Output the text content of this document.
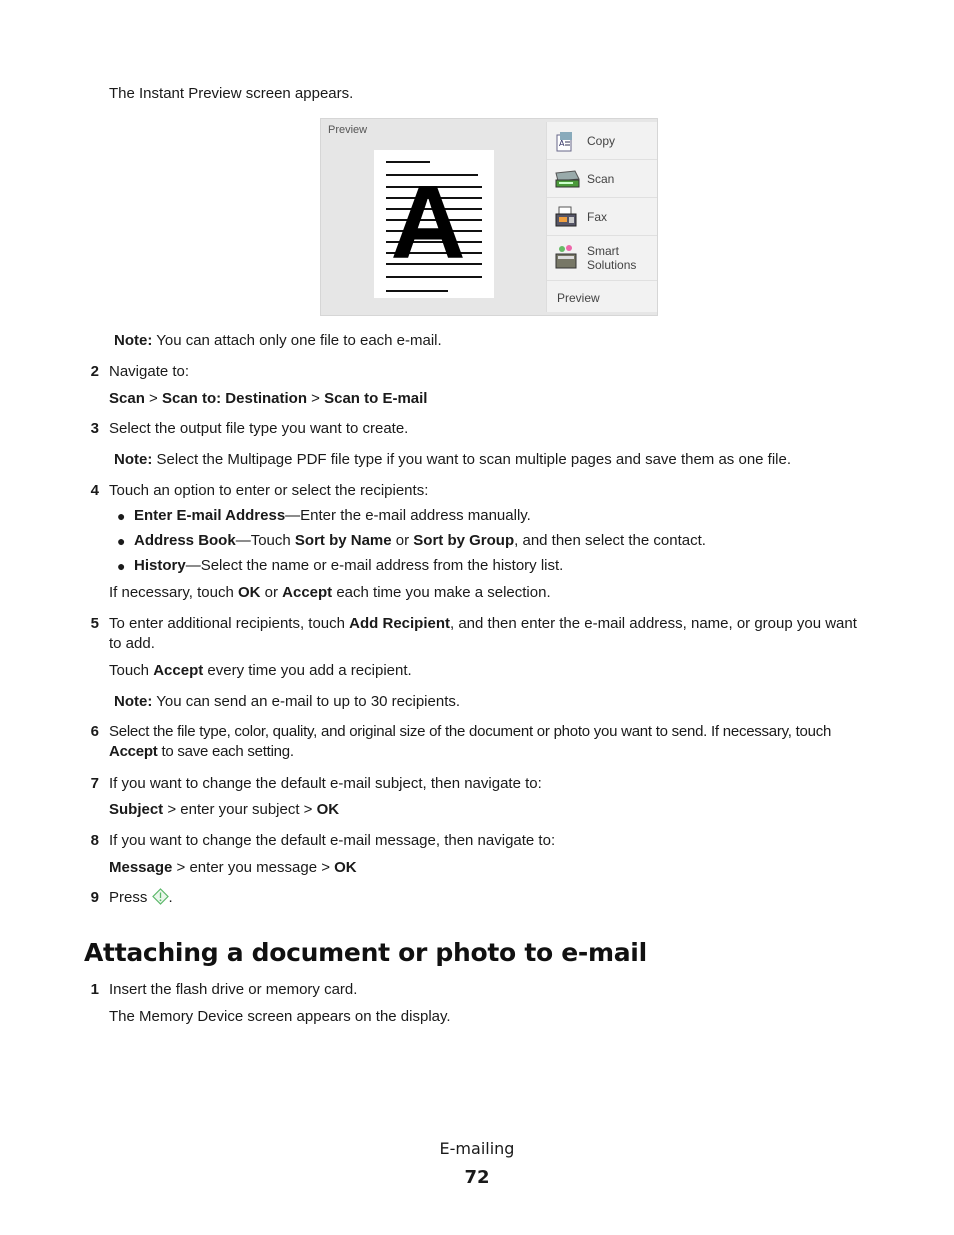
The Instant Preview screen appears.
Preview
A
A Copy
Scan
Fax
Smart
Solutions
Preview
Note: You can attach only one file to each e-mail.
2 Navigate to:
Scan > Scan to: Destination > Scan to E-mail
3 Select the output file type you want to create.
Note: Select the Multipage PDF file type if you want to scan multiple pages and save them as one file.
4 Touch an option to enter or select the recipients:
● Enter E-mail Address—Enter the e-mail address manually.
● Address Book—Touch Sort by Name or Sort by Group, and then select the contact.
● History—Select the name or e-mail address from the history list.
If necessary, touch OK or Accept each time you make a selection.
5 To enter additional recipients, touch Add Recipient, and then enter the e-mail address, name, or group you want to add.
Touch Accept every time you add a recipient.
Note: You can send an e-mail to up to 30 recipients.
6 Select the file type, color, quality, and original size of the document or photo you want to send. If necessary, touch Accept to save each setting.
7 If you want to change the default e-mail subject, then navigate to:
Subject > enter your subject > OK
8 If you want to change the default e-mail message, then navigate to:
Message > enter you message > OK
9 Press .
Attaching a document or photo to e-mail
1 Insert the flash drive or memory card.
The Memory Device screen appears on the display.
E-mailing
72
